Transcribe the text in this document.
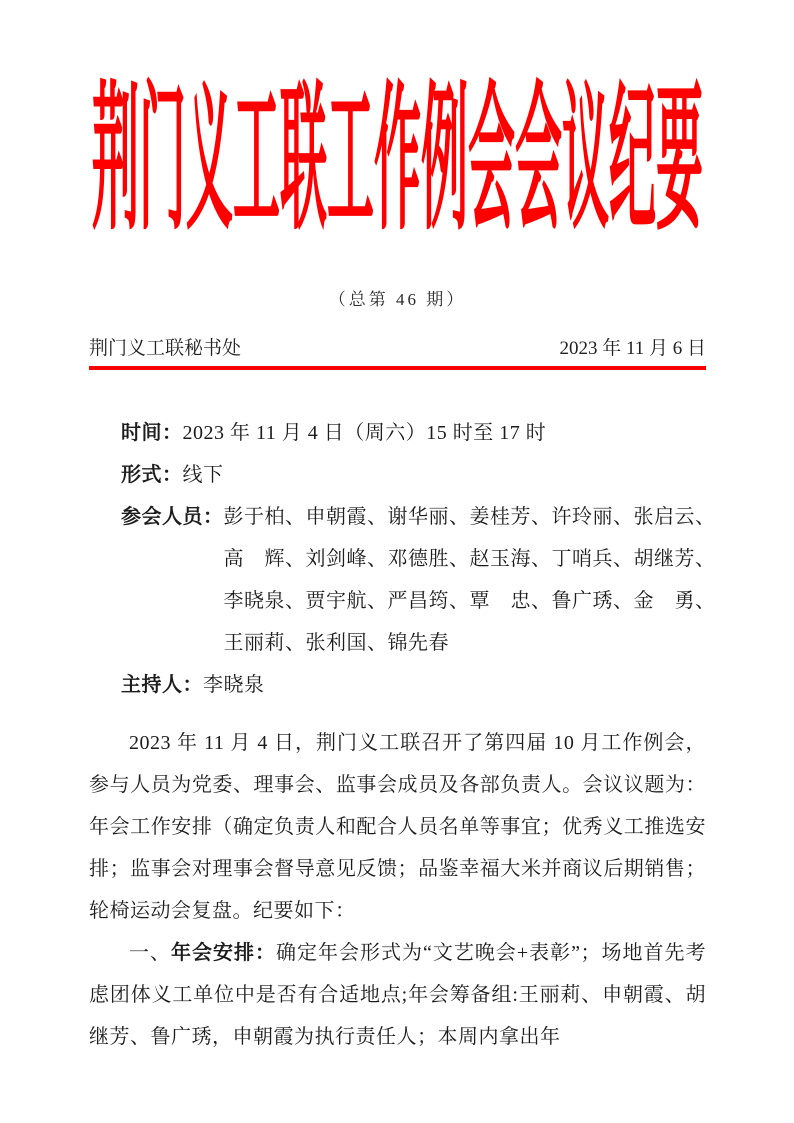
荆门义工联工作例会会议纪要
（总第 46 期）
荆门义工联秘书处	2023 年 11 月 6 日
时间：2023 年 11 月 4 日（周六）15 时至 17 时
形式：线下
参会人员： 彭于柏、申朝霞、谢华丽、姜桂芳、许玲丽、张启云、
高　辉、刘剑峰、邓德胜、赵玉海、丁哨兵、胡继芳、
李晓泉、贾宇航、严昌筠、覃　忠、鲁广琇、金　勇、
王丽莉、张利国、锦先春
主持人：李晓泉

2023 年 11 月 4 日，荆门义工联召开了第四届 10 月工作例会，参与人员为党委、理事会、监事会成员及各部负责人。会议议题为：年会工作安排（确定负责人和配合人员名单等事宜；优秀义工推选安排；监事会对理事会督导意见反馈；品鉴幸福大米并商议后期销售；轮椅运动会复盘。纪要如下：

一、年会安排：确定年会形式为“文艺晚会+表彰”；场地首先考虑团体义工单位中是否有合适地点;年会筹备组:王丽莉、申朝霞、胡继芳、鲁广琇，申朝霞为执行责任人；本周内拿出年
